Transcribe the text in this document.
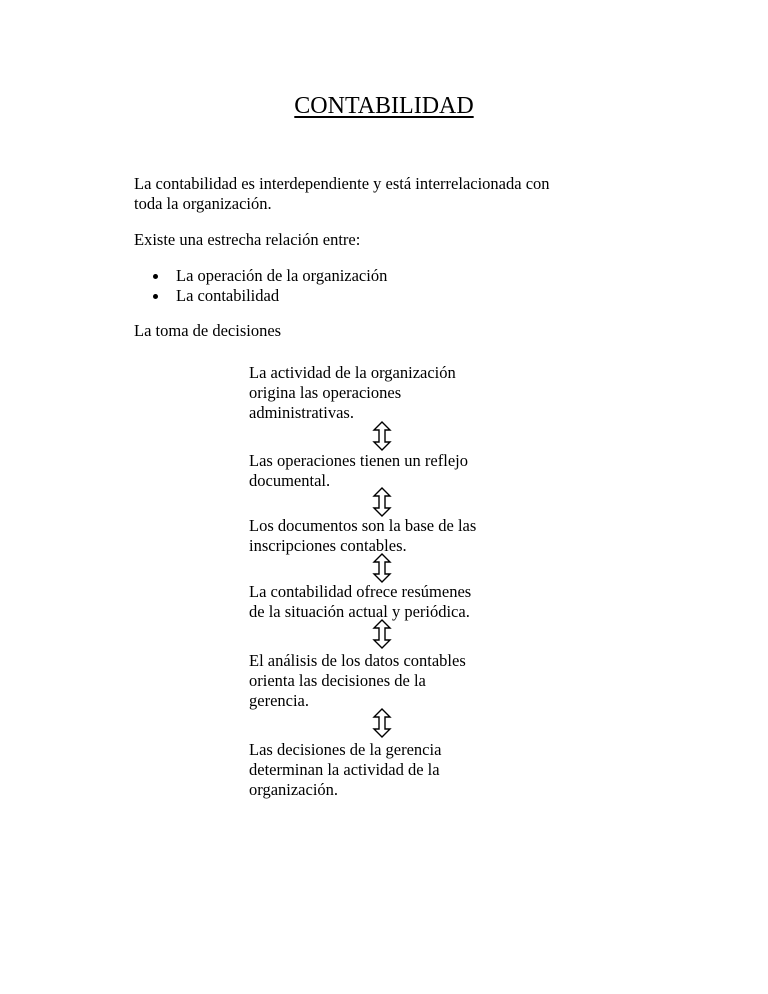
CONTABILIDAD
La contabilidad es interdependiente y está interrelacionada con
toda la organización.
Existe una estrecha relación entre:
La operación de la organización
La contabilidad
La toma de decisiones
La actividad de la organización
origina las operaciones
administrativas.
Las operaciones tienen un reflejo
documental.
Los documentos son la base de las
inscripciones contables.
La contabilidad ofrece resúmenes
de la situación actual y periódica.
El análisis de los datos contables
orienta las decisiones de la
gerencia.
Las decisiones de la gerencia
determinan la actividad de la
organización.
